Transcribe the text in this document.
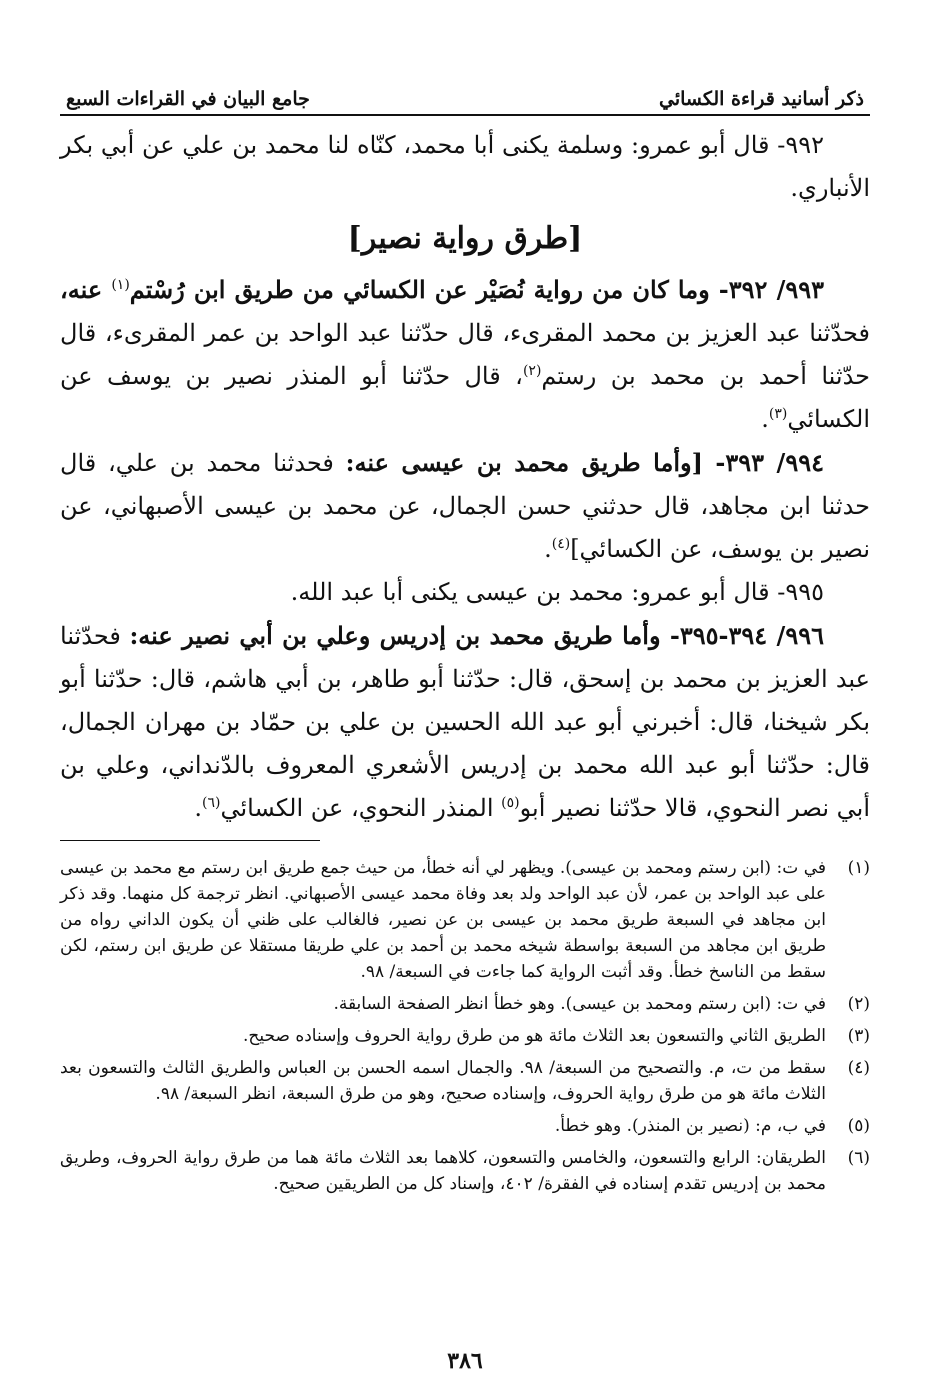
ذكر أسانيد قراءة الكسائي
جامع البيان في القراءات السبع

٩٩٢- قال أبو عمرو: وسلمة يكنى أبا محمد، كنّاه لنا محمد بن علي عن أبي بكر الأنباري.

[طرق رواية نصير]

٩٩٣/ ٣٩٢- وما كان من رواية نُصَيْر عن الكسائي من طريق ابن رُسْتم$^{(١)}$ عنه، فحدّثنا عبد العزيز بن محمد المقرىء، قال حدّثنا عبد الواحد بن عمر المقرىء، قال حدّثنا أحمد بن محمد بن رستم$^{(٢)}$، قال حدّثنا أبو المنذر نصير بن يوسف عن الكسائي$^{(٣)}$.

٩٩٤/ ٣٩٣- [وأما طريق محمد بن عيسى عنه: فحدثنا محمد بن علي، قال حدثنا ابن مجاهد، قال حدثني حسن الجمال، عن محمد بن عيسى الأصبهاني، عن نصير بن يوسف، عن الكسائي]$^{(٤)}$.

٩٩٥- قال أبو عمرو: محمد بن عيسى يكنى أبا عبد الله.

٩٩٦/ ٣٩٤-٣٩٥- وأما طريق محمد بن إدريس وعلي بن أبي نصير عنه: فحدّثنا عبد العزيز بن محمد بن إسحق، قال: حدّثنا أبو طاهر، بن أبي هاشم، قال: حدّثنا أبو بكر شيخنا، قال: أخبرني أبو عبد الله الحسين بن علي بن حمّاد بن مهران الجمال، قال: حدّثنا أبو عبد الله محمد بن إدريس الأشعري المعروف بالدّنداني، وعلي بن أبي نصر النحوي، قالا حدّثنا نصير أبو$^{(٥)}$ المنذر النحوي، عن الكسائي$^{(٦)}$.

(١)
في ت: (ابن رستم ومحمد بن عيسى). ويظهر لي أنه خطأ، من حيث جمع طريق ابن رستم مع محمد بن عيسى على عبد الواحد بن عمر، لأن عبد الواحد ولد بعد وفاة محمد عيسى الأصبهاني. انظر ترجمة كل منهما. وقد ذكر ابن مجاهد في السبعة طريق محمد بن عيسى بن عن نصير، فالغالب على ظني أن يكون الداني رواه من طريق ابن مجاهد من السبعة بواسطة شيخه محمد بن أحمد بن علي طريقا مستقلا عن طريق ابن رستم، لكن سقط من الناسخ خطأ. وقد أثبت الرواية كما جاءت في السبعة/ ٩٨.
(٢)
في ت: (ابن رستم ومحمد بن عيسى). وهو خطأ انظر الصفحة السابقة.
(٣)
الطريق الثاني والتسعون بعد الثلاث مائة هو من طرق رواية الحروف وإسناده صحيح.
(٤)
سقط من ت، م. والتصحيح من السبعة/ ٩٨. والجمال اسمه الحسن بن العباس والطريق الثالث والتسعون بعد الثلاث مائة هو من طرق رواية الحروف، وإسناده صحيح، وهو من طرق السبعة، انظر السبعة/ ٩٨.
(٥)
في ب، م: (نصير بن المنذر). وهو خطأ.
(٦)
الطريقان: الرابع والتسعون، والخامس والتسعون، كلاهما بعد الثلاث مائة هما من طرق رواية الحروف، وطريق محمد بن إدريس تقدم إسناده في الفقرة/ ٤٠٢، وإسناد كل من الطريقين صحيح.
٣٨٦
